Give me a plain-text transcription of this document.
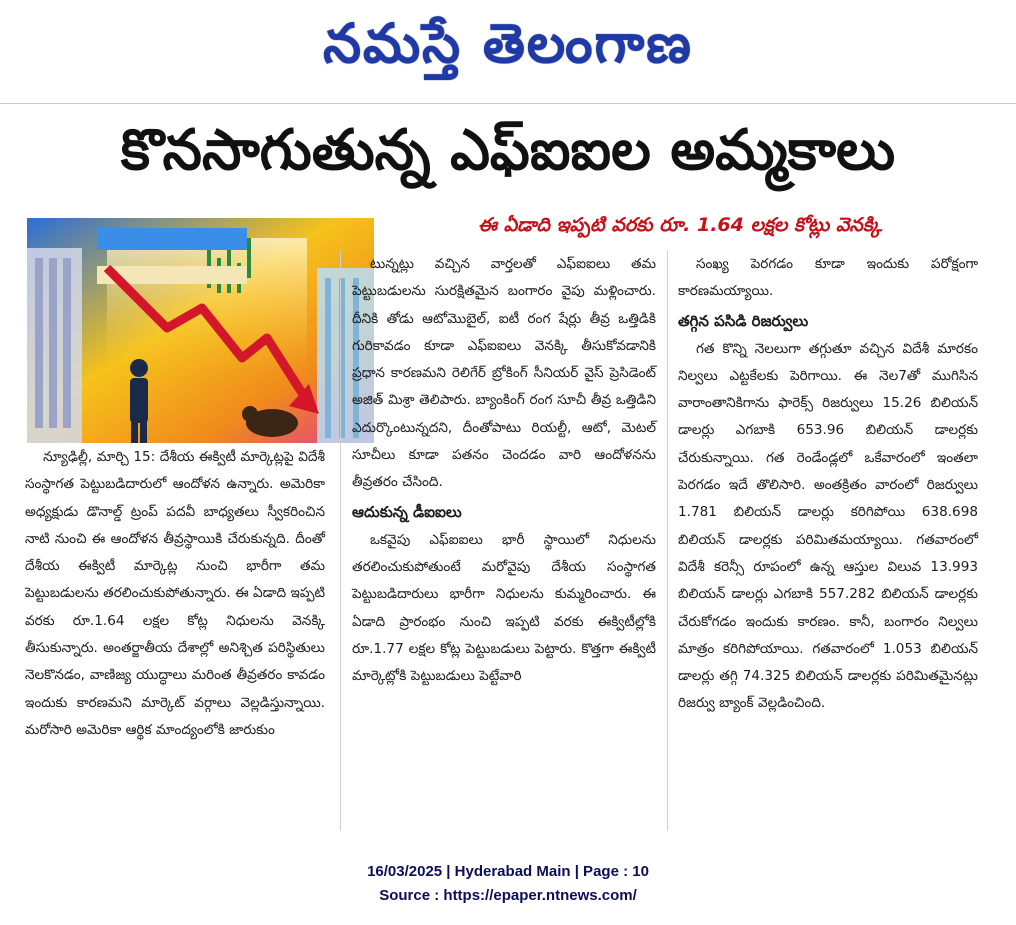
నమస్తే తెలంగాణ
కొనసాగుతున్న ఎఫ్‌ఐఐల అమ్మకాలు
ఈ ఏడాది ఇప్పటి వరకు రూ. 1.64 లక్షల కోట్లు వెనక్కి

న్యూఢిల్లీ, మార్చి 15: దేశీయ ఈక్విటీ మార్కెట్లపై విదేశీ సంస్థాగత పెట్టుబడిదారులో ఆందోళన ఉన్నారు. అమెరికా అధ్యక్షుడు డొనాల్డ్ ట్రంప్ పదవీ బాధ్యతలు స్వీకరించిన నాటి నుంచి ఈ ఆందోళన తీవ్రస్థాయికి చేరుకున్నది. దీంతో దేశీయ ఈక్విటీ మార్కెట్ల నుంచి భారీగా తమ పెట్టుబడులను తరలించుకుపోతున్నారు. ఈ ఏడాది ఇప్పటి వరకు రూ.1.64 లక్షల కోట్ల నిధులను వెనక్కి తీసుకున్నారు. అంతర్జాతీయ దేశాల్లో అనిశ్చిత పరిస్థితులు నెలకొనడం, వాణిజ్య యుద్ధాలు మరింత తీవ్రతరం కావడం ఇందుకు కారణమని మార్కెట్ వర్గాలు వెల్లడిస్తున్నాయి. మరోసారి అమెరికా ఆర్థిక మాంద్యంలోకి జారుకుం

టున్నట్లు వచ్చిన వార్తలతో ఎఫ్‌ఐఐలు తమ పెట్టుబడులను సురక్షితమైన బంగారం వైపు మళ్లించారు. దీనికి తోడు ఆటోమొబైల్, ఐటీ రంగ షేర్లు తీవ్ర ఒత్తిడికి గురికావడం కూడా ఎఫ్‌ఐఐలు వెనక్కి తీసుకోవడానికి ప్రధాన కారణమని రెలిగేర్ బ్రోకింగ్ సీనియర్ వైస్ ప్రెసిడెంట్ అజిత్ మిశ్రా తెలిపారు. బ్యాంకింగ్ రంగ సూచీ తీవ్ర ఒత్తిడిని ఎదుర్కొంటున్నదని, దీంతోపాటు రియల్టీ, ఆటో, మెటల్ సూచీలు కూడా పతనం చెందడం వారి ఆందోళనను తీవ్రతరం చేసింది.

ఆదుకున్న డీఐఐలు

ఒకవైపు ఎఫ్‌ఐఐలు భారీ స్థాయిలో నిధులను తరలించుకుపోతుంటే మరోవైపు దేశీయ సంస్థాగత పెట్టుబడిదారులు భారీగా నిధులను కుమ్మరించారు. ఈ ఏడాది ప్రారంభం నుంచి ఇప్పటి వరకు ఈక్విటీల్లోకి రూ.1.77 లక్షల కోట్ల పెట్టుబడులు పెట్టారు. కొత్తగా ఈక్విటీ మార్కెట్లోకి పెట్టుబడులు పెట్టేవారి

సంఖ్య పెరగడం కూడా ఇందుకు పరోక్షంగా కారణమయ్యాయి.

తగ్గిన పసిడి రిజర్వులు

గత కొన్ని నెలలుగా తగ్గుతూ వచ్చిన విదేశీ మారకం నిల్వలు ఎట్టకేలకు పెరిగాయి. ఈ నెల7తో ముగిసిన వారాంతానికిగాను ఫారెక్స్ రిజర్వులు 15.26 బిలియన్ డాలర్లు ఎగబాకి 653.96 బిలియన్ డాలర్లకు చేరుకున్నాయి. గత రెండేండ్లలో ఒకేవారంలో ఇంతలా పెరగడం ఇదే తొలిసారి. అంతక్రితం వారంలో రిజర్వులు 1.781 బిలియన్ డాలర్లు కరిగిపోయి 638.698 బిలియన్ డాలర్లకు పరిమితమయ్యాయి. గతవారంలో విదేశీ కరెన్సీ రూపంలో ఉన్న ఆస్తుల విలువ 13.993 బిలియన్ డాలర్లు ఎగబాకి 557.282 బిలియన్ డాలర్లకు చేరుకోగడం ఇందుకు కారణం. కానీ, బంగారం నిల్వలు మాత్రం కరిగిపోయాయి. గతవారంలో 1.053 బిలియన్ డాలర్లు తగ్గి 74.325 బిలియన్ డాలర్లకు పరిమితమైనట్లు రిజర్వు బ్యాంక్ వెల్లడించింది.

16/03/2025 | Hyderabad Main | Page : 10
Source : https://epaper.ntnews.com/
